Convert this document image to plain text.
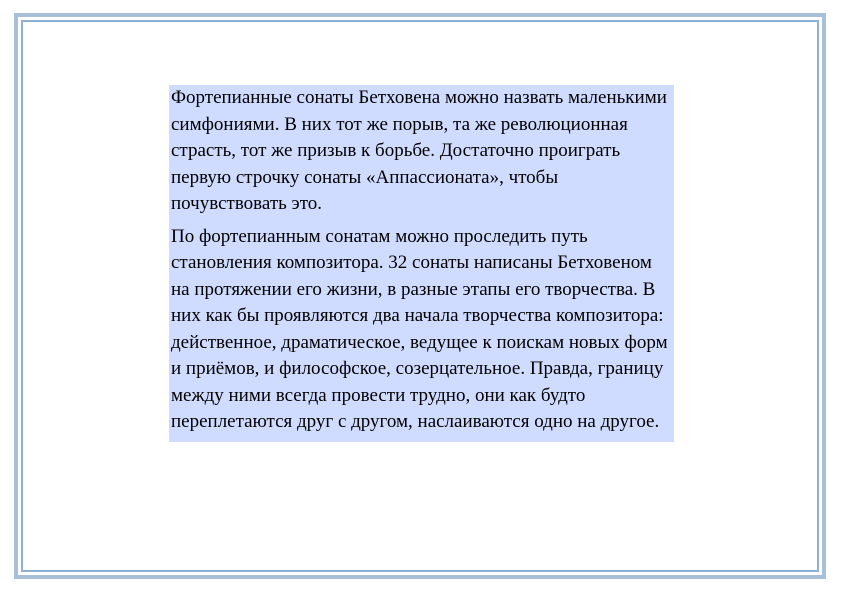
Фортепианные сонаты Бетховена можно назвать маленькими симфониями. В них тот же порыв, та же революционная страсть, тот же призыв к борьбе. Достаточно проиграть первую строчку сонаты «Аппассионата», чтобы почувствовать это.

По фортепианным сонатам можно проследить путь становления композитора. 32 сонаты написаны Бетховеном на протяжении его жизни, в разные этапы его творчества. В них как бы проявляются два начала творчества композитора: действенное, драматическое, ведущее к поискам новых форм и приёмов, и философское, созерцательное. Правда, границу между ними всегда провести трудно, они как будто переплетаются друг с другом, наслаиваются одно на другое.
